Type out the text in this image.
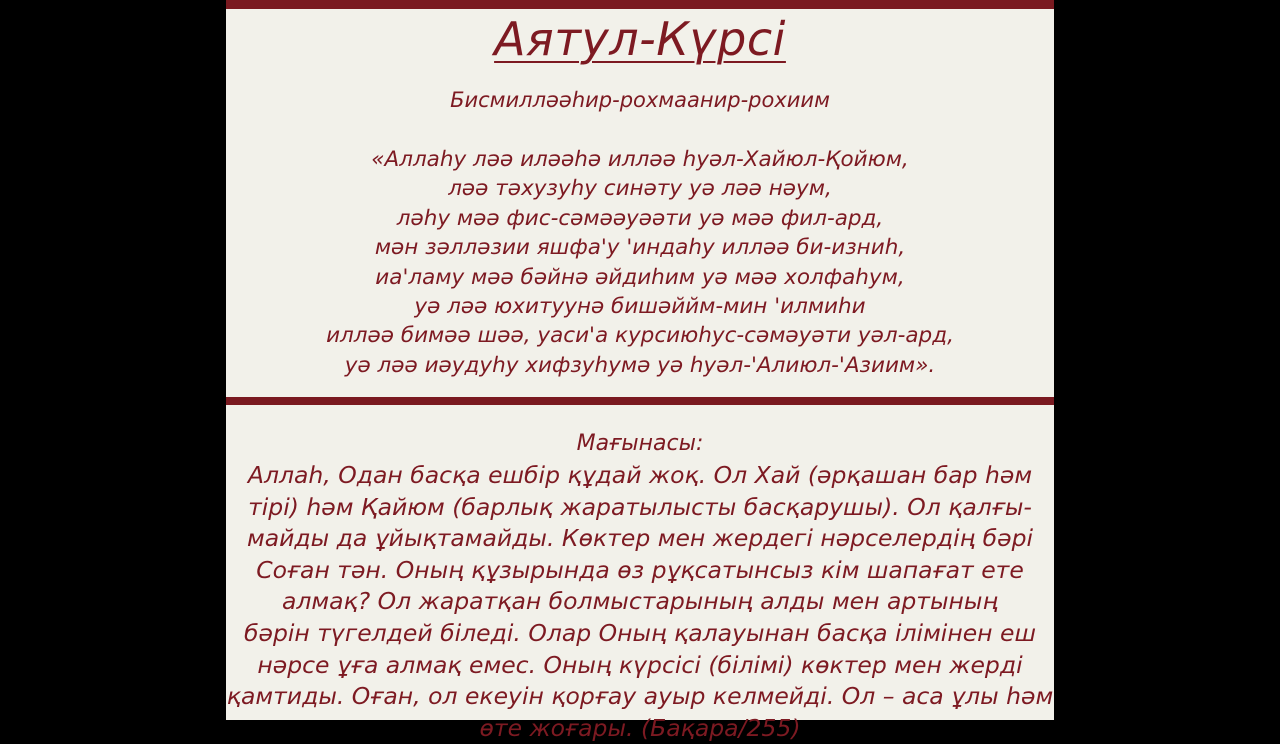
Аятул-Күрсі
Бисмилләәһир-рохмаанир-рохиим
«Аллаһу ләә иләәһә илләә һуәл-Хайюл-Қойюм,
ләә тәхузуһу синәту уә ләә нәум,
ләһу мәә фис-сәмәәуәәти уә мәә фил-ард,
мән зәлләзии яшфа'у 'индаһу илләә би-изниһ,
иа'ламу мәә бәйнә әйдиһим уә мәә холфаһум,
уә ләә юхитуунә бишәййм-мин 'илмиһи
илләә бимәә шәә, уаси'а курсиюһус-сәмәуәти уәл-ард,
уә ләә иәудуһу хифзуһумә уә һуәл-'Алиюл-'Азиим».
Мағынасы:
Аллаһ, Одан басқа ешбір құдай жоқ. Ол Хай (әрқашан бар һәм
тірі) һәм Қайюм (барлық жаратылысты басқарушы). Ол қалғы-
майды да ұйықтамайды. Көктер мен жердегі нәрселердің бәрі
Соған тән. Оның құзырында өз рұқсатынсыз кім шапағат ете
алмақ? Ол жаратқан болмыстарының алды мен артының
бәрін түгелдей біледі. Олар Оның қалауынан басқа ілімінен еш
нәрсе ұға алмақ емес. Оның күрсісі (білімі) көктер мен жерді
қамтиды. Оған, ол екеуін қорғау ауыр келмейді. Ол – аса ұлы һәм
өте жоғары. (Бақара/255)
